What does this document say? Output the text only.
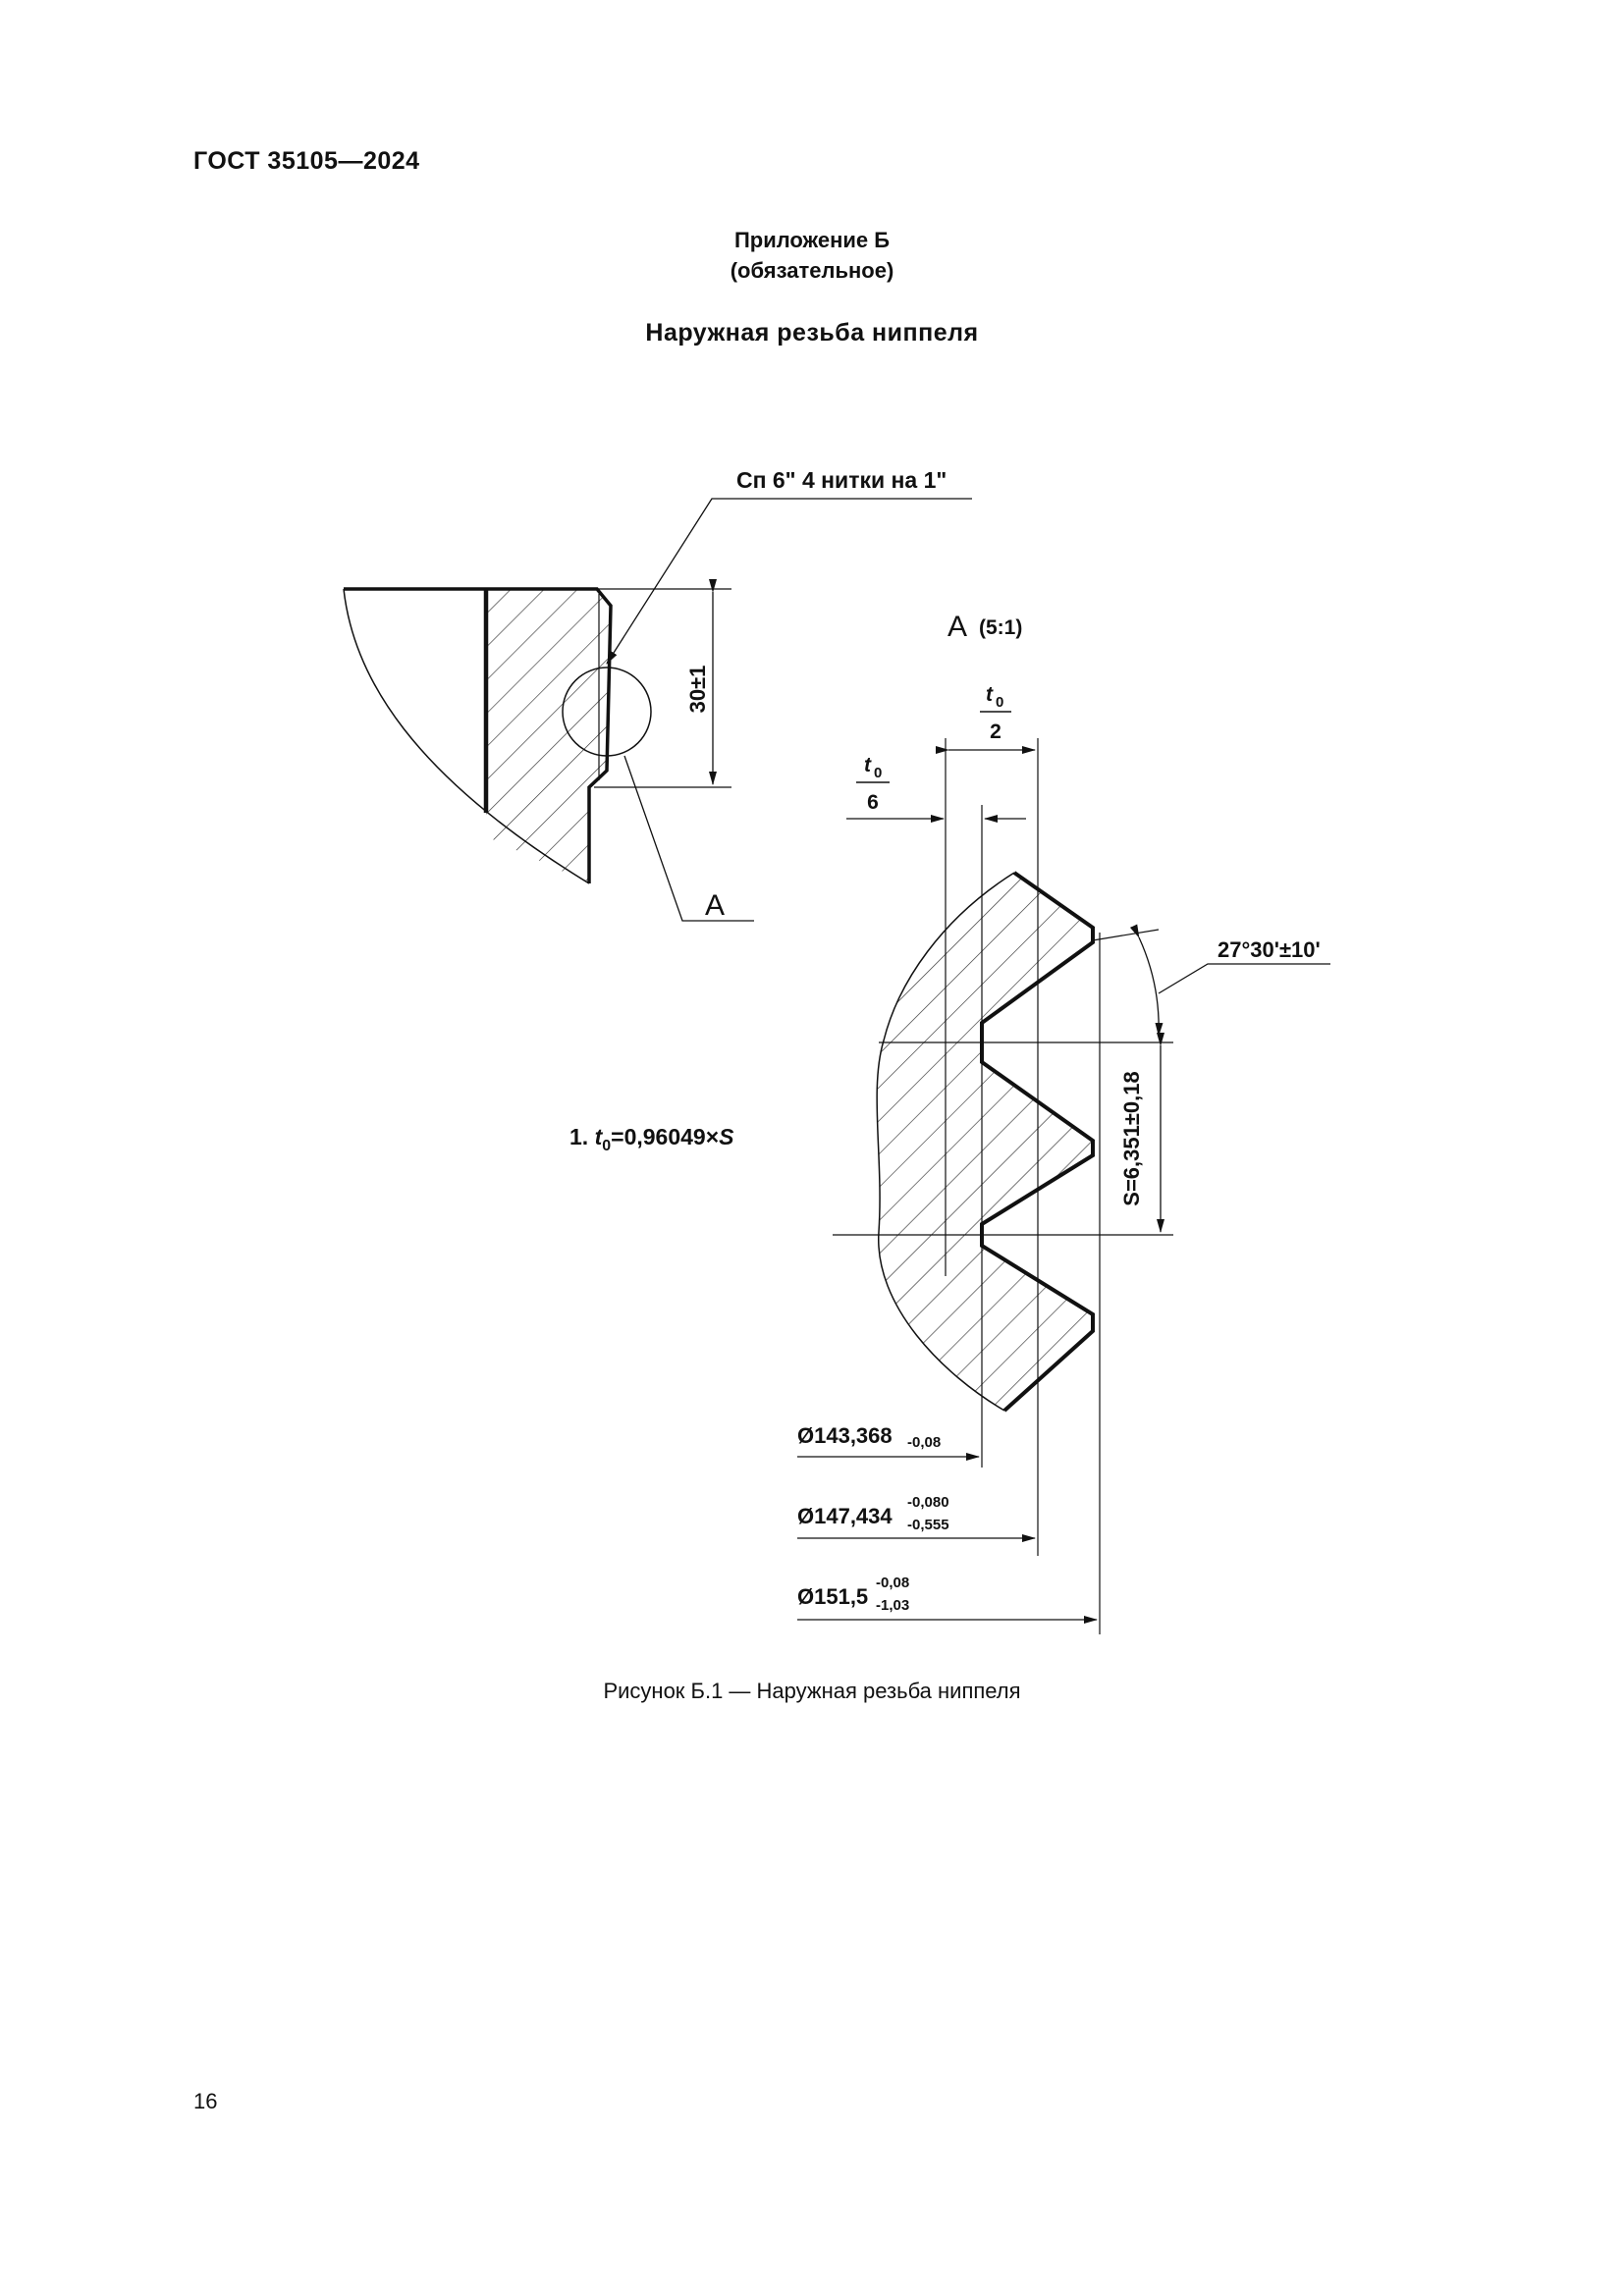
ГОСТ 35105—2024
Приложение Б
(обязательное)
Наружная резьба ниппеля
Сп 6" 4 нитки на 1"
30±1
А
А (5:1)
t 0
2
t 0
6
27°30'±10'
S=6,351±0,18
1. $t_0=0,96049\times S$
Ø143,368 -0,08
Ø147,434
-0,080
-0,555
Ø151,5
-0,08
-1,03
Рисунок Б.1 — Наружная резьба ниппеля
16
